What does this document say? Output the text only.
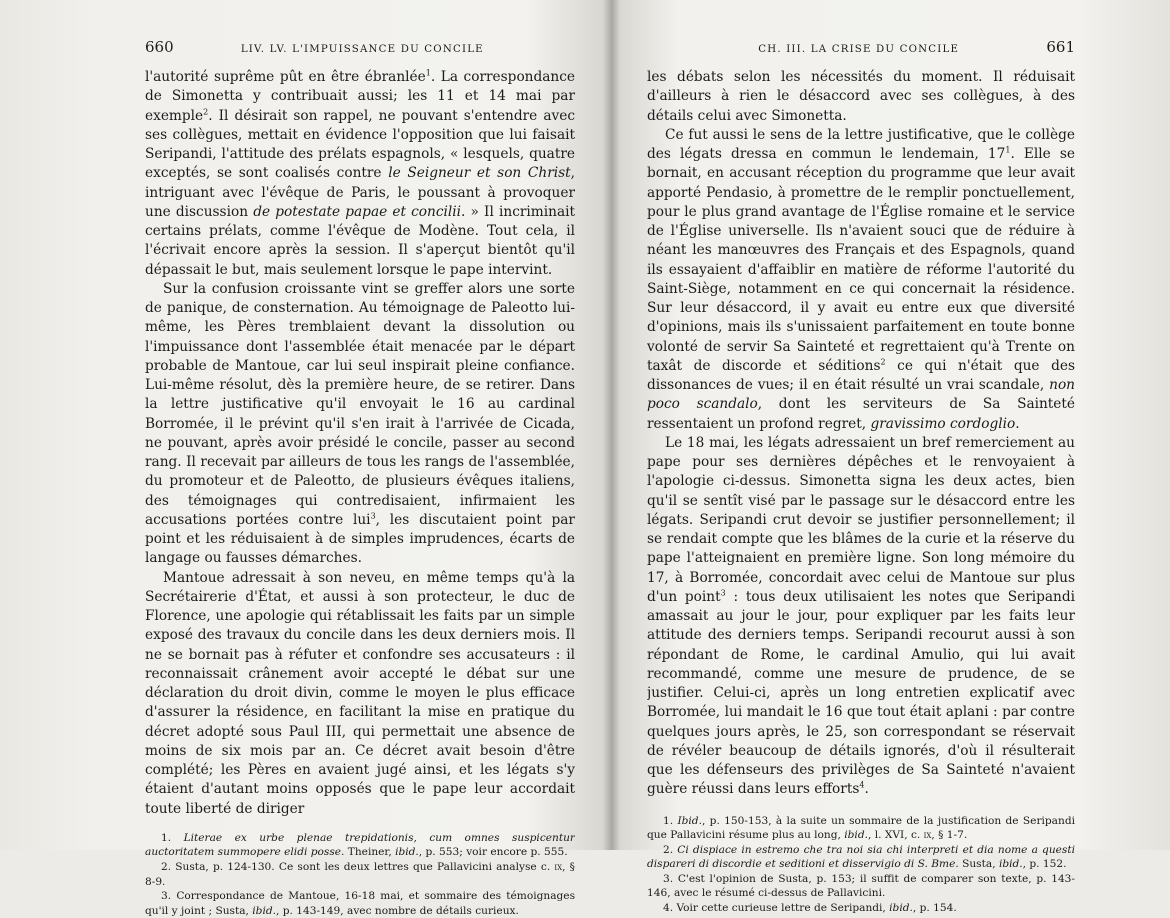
660	LIV. LV. L'IMPUISSANCE DU CONCILE

l'autorité suprême pût en être ébranlée$^1$. La correspondance de Simonetta y contribuait aussi; les 11 et 14 mai par exemple$^2$. Il désirait son rappel, ne pouvant s'entendre avec ses collègues, mettait en évidence l'opposition que lui faisait Seripandi, l'attitude des prélats espagnols, « lesquels, quatre exceptés, se sont coalisés contre le Seigneur et son Christ, intriguant avec l'évêque de Paris, le poussant à provoquer une discussion de potestate papae et concilii. » Il incriminait certains prélats, comme l'évêque de Modène. Tout cela, il l'écrivait encore après la session. Il s'aperçut bientôt qu'il dépassait le but, mais seulement lorsque le pape intervint.

Sur la confusion croissante vint se greffer alors une sorte de panique, de consternation. Au témoignage de Paleotto lui-même, les Pères tremblaient devant la dissolution ou l'impuissance dont l'assemblée était menacée par le départ probable de Mantoue, car lui seul inspirait pleine confiance. Lui-même résolut, dès la première heure, de se retirer. Dans la lettre justificative qu'il envoyait le 16 au cardinal Borromée, il le prévint qu'il s'en irait à l'arrivée de Cicada, ne pouvant, après avoir présidé le concile, passer au second rang. Il recevait par ailleurs de tous les rangs de l'assemblée, du promoteur et de Paleotto, de plusieurs évêques italiens, des témoignages qui contredisaient, infirmaient les accusations portées contre lui$^3$, les discutaient point par point et les réduisaient à de simples imprudences, écarts de langage ou fausses démarches.

Mantoue adressait à son neveu, en même temps qu'à la Secrétairerie d'État, et aussi à son protecteur, le duc de Florence, une apologie qui rétablissait les faits par un simple exposé des travaux du concile dans les deux derniers mois. Il ne se bornait pas à réfuter et confondre ses accusateurs : il reconnaissait crânement avoir accepté le débat sur une déclaration du droit divin, comme le moyen le plus efficace d'assurer la résidence, en facilitant la mise en pratique du décret adopté sous Paul III, qui permettait une absence de moins de six mois par an. Ce décret avait besoin d'être complété; les Pères en avaient jugé ainsi, et les légats s'y étaient d'autant moins opposés que le pape leur accordait toute liberté de diriger

1. Literae ex urbe plenae trepidationis, cum omnes suspicentur auctoritatem summopere elidi posse. Theiner, ibid., p. 553; voir encore p. 555.

2. Susta, p. 124-130. Ce sont les deux lettres que Pallavicini analyse c. ix, § 8-9.

3. Correspondance de Mantoue, 16-18 mai, et sommaire des témoignages qu'il y joint ; Susta, ibid., p. 143-149, avec nombre de détails curieux.

CH. III. LA CRISE DU CONCILE	661

les débats selon les nécessités du moment. Il réduisait d'ailleurs à rien le désaccord avec ses collègues, à des détails celui avec Simonetta.

Ce fut aussi le sens de la lettre justificative, que le collège des légats dressa en commun le lendemain, $17^1$. Elle se bornait, en accusant réception du programme que leur avait apporté Pendasio, à promettre de le remplir ponctuellement, pour le plus grand avantage de l'Église romaine et le service de l'Église universelle. Ils n'avaient souci que de réduire à néant les manœuvres des Français et des Espagnols, quand ils essayaient d'affaiblir en matière de réforme l'autorité du Saint-Siège, notamment en ce qui concernait la résidence. Sur leur désaccord, il y avait eu entre eux que diversité d'opinions, mais ils s'unissaient parfaitement en toute bonne volonté de servir Sa Sainteté et regrettaient qu'à Trente on taxât de discorde et séditions$^2$ ce qui n'était que des dissonances de vues; il en était résulté un vrai scandale, non poco scandalo, dont les serviteurs de Sa Sainteté ressentaient un profond regret, gravissimo cordoglio.

Le 18 mai, les légats adressaient un bref remerciement au pape pour ses dernières dépêches et le renvoyaient à l'apologie ci-dessus. Simonetta signa les deux actes, bien qu'il se sentît visé par le passage sur le désaccord entre les légats. Seripandi crut devoir se justifier personnellement; il se rendait compte que les blâmes de la curie et la réserve du pape l'atteignaient en première ligne. Son long mémoire du 17, à Borromée, concordait avec celui de Mantoue sur plus d'un point$^3$ : tous deux utilisaient les notes que Seripandi amassait au jour le jour, pour expliquer par les faits leur attitude des derniers temps. Seripandi recourut aussi à son répondant de Rome, le cardinal Amulio, qui lui avait recommandé, comme une mesure de prudence, de se justifier. Celui-ci, après un long entretien explicatif avec Borromée, lui mandait le 16 que tout était aplani : par contre quelques jours après, le 25, son correspondant se réservait de révéler beaucoup de détails ignorés, d'où il résulterait que les défenseurs des privilèges de Sa Sainteté n'avaient guère réussi dans leurs efforts$^4$.

1. Ibid., p. 150-153, à la suite un sommaire de la justification de Seripandi que Pallavicini résume plus au long, ibid., l. XVI, c. ix, § 1-7.

2. Ci dispiace in estremo che tra noi sia chi interpreti et dia nome a questi dispareri di discordie et seditioni et disservigio di S. Bme. Susta, ibid., p. 152.

3. C'est l'opinion de Susta, p. 153; il suffit de comparer son texte, p. 143-146, avec le résumé ci-dessus de Pallavicini.

4. Voir cette curieuse lettre de Seripandi, ibid., p. 154.
